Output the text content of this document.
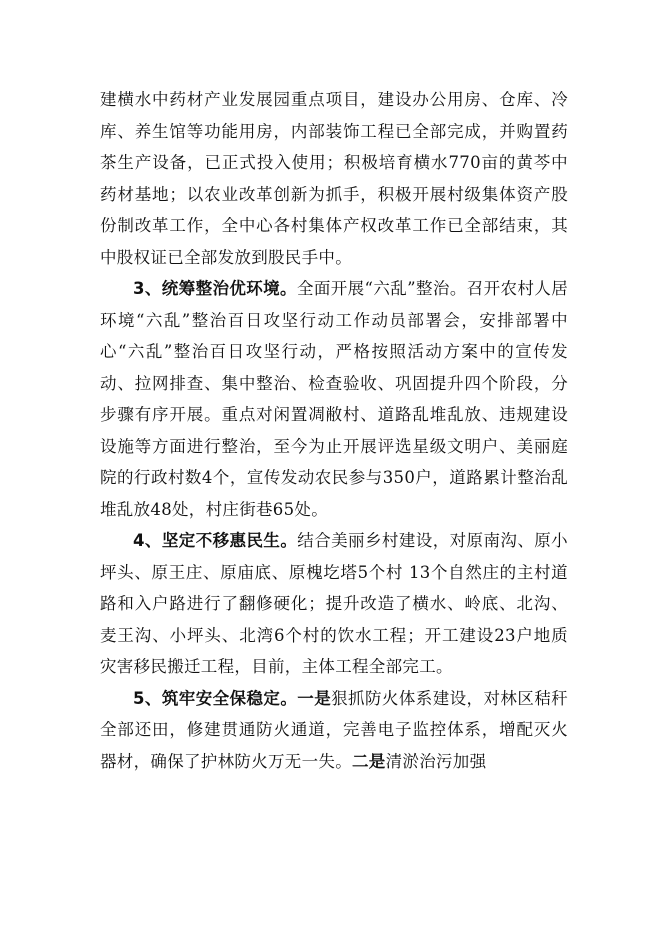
建横水中药材产业发展园重点项目，建设办公用房、仓库、冷库、养生馆等功能用房，内部装饰工程已全部完成，并购置药茶生产设备，已正式投入使用；积极培育横水770亩的黄芩中药材基地；以农业改革创新为抓手，积极开展村级集体资产股份制改革工作，全中心各村集体产权改革工作已全部结束，其中股权证已全部发放到股民手中。

3、统筹整治优环境。全面开展“六乱”整治。召开农村人居环境“六乱”整治百日攻坚行动工作动员部署会，安排部署中心“六乱”整治百日攻坚行动，严格按照活动方案中的宣传发动、拉网排查、集中整治、检查验收、巩固提升四个阶段，分步骤有序开展。重点对闲置凋敝村、道路乱堆乱放、违规建设设施等方面进行整治，至今为止开展评选星级文明户、美丽庭院的行政村数4个，宣传发动农民参与350户，道路累计整治乱堆乱放48处，村庄街巷65处。

4、坚定不移惠民生。结合美丽乡村建设，对原南沟、原小坪头、原王庄、原庙底、原槐圪塔5个村 13个自然庄的主村道路和入户路进行了翻修硬化；提升改造了横水、岭底、北沟、麦王沟、小坪头、北湾6个村的饮水工程；开工建设23户地质灾害移民搬迁工程，目前，主体工程全部完工。

5、筑牢安全保稳定。一是狠抓防火体系建设，对林区秸秆全部还田，修建贯通防火通道，完善电子监控体系，增配灭火器材，确保了护林防火万无一失。二是清淤治污加强
